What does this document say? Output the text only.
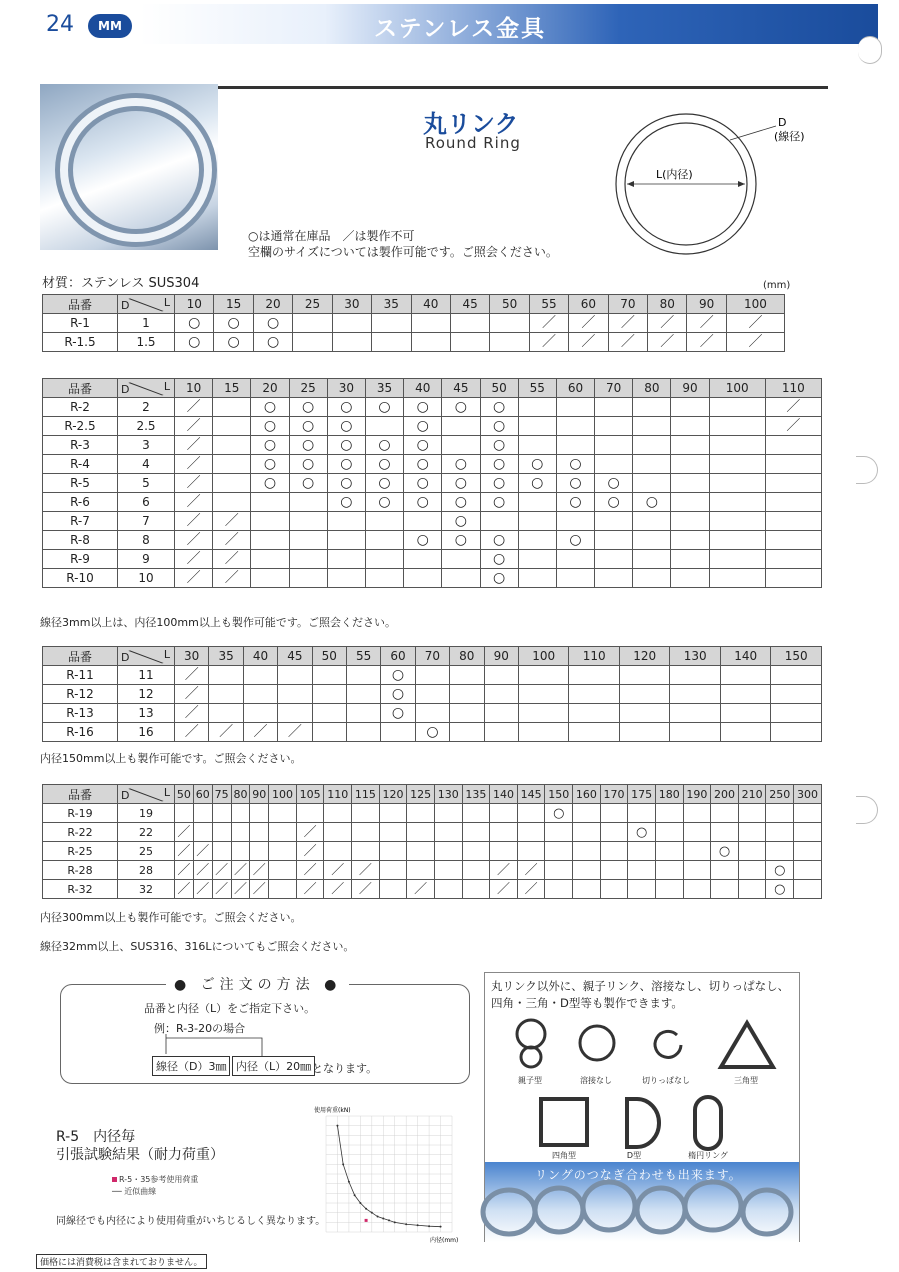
24	MM	ステンレス金具
丸リンク
Round Ring
○は通常在庫品　／は製作不可
空欄のサイズについては製作可能です。ご照会ください。
D
(線径)
L(内径)
材質：ステンレス SUS304	(mm)
品番	D L	10	15	20	25	30	35	40	45	50	55	60	70	80	90	100
R-1	1	○	○	○							／	／	／	／	／	／
R-1.5	1.5	○	○	○							／	／	／	／	／	／
品番	D L	10	15	20	25	30	35	40	45	50	55	60	70	80	90	100	110
R-2	2	／		○	○	○	○	○	○	○							／
R-2.5	2.5	／		○	○	○		○		○							／
R-3	3	／		○	○	○	○	○		○							
R-4	4	／		○	○	○	○	○	○	○	○	○					
R-5	5	／		○	○	○	○	○	○	○	○	○	○				
R-6	6	／				○	○	○	○	○		○	○	○			
R-7	7	／	／						○								
R-8	8	／	／					○	○	○		○					
R-9	9	／	／							○							
R-10	10	／	／							○							
線径3mm以上は、内径100mm以上も製作可能です。ご照会ください。
品番	D L	30	35	40	45	50	55	60	70	80	90	100	110	120	130	140	150
R-11	11	／						○									
R-12	12	／						○									
R-13	13	／						○									
R-16	16	／	／	／	／				○								
内径150mm以上も製作可能です。ご照会ください。
品番	D L	50	60	75	80	90	100	105	110	115	120	125	130	135	140	145	150	160	170	175	180	190	200	210	250	300
R-19	19																○									
R-22	22	／						／												○						
R-25	25	／	／					／															○			
R-28	28	／	／	／	／	／		／	／	／					／	／									○	
R-32	32	／	／	／	／	／		／	／	／		／			／	／									○	
内径300mm以上も製作可能です。ご照会ください。
線径32mm以上、SUS316、316Lについてもご照会ください。
● ご注文の方法 ●
品番と内径（L）をご指定下さい。
例：R-3-20の場合
線径（D）3㎜ 内径（L）20㎜ となります。
丸リンク以外に、親子リンク、溶接なし、切りっぱなし、四角・三角・D型等も製作できます。
親子型	溶接なし	切りっぱなし	三角型
四角型	D型	楕円リング
リングのつなぎ合わせも出来ます。
R-5　内径毎
引張試験結果（耐力荷重）
R-5・35参考使用荷重
── 近似曲線
同線径でも内径により使用荷重がいちじるしく異なります。
使用荷重(kN)
内径(mm)
価格には消費税は含まれておりません。
